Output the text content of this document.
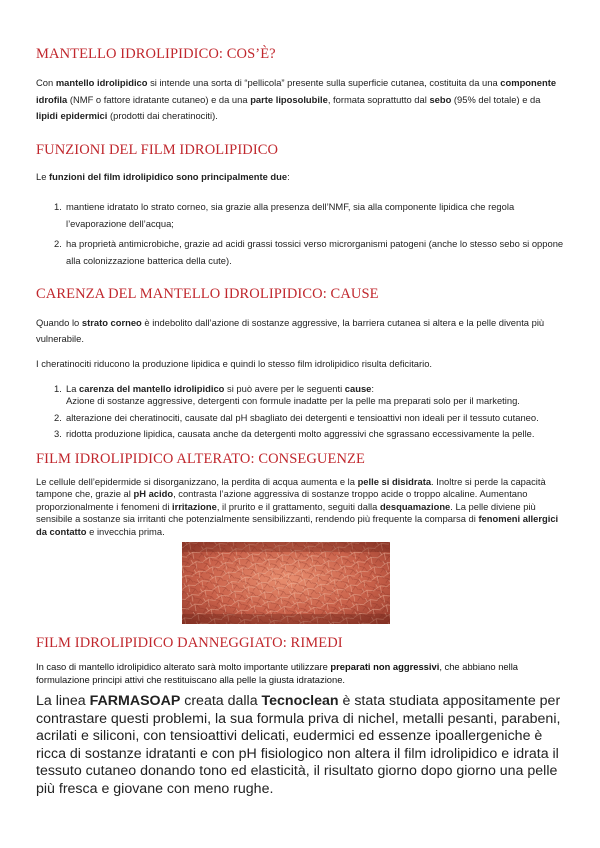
MANTELLO IDROLIPIDICO: COS’È?

Con mantello idrolipidico si intende una sorta di “pellicola” presente sulla superficie cutanea, costituita da una componente idrofila (NMF o fattore idratante cutaneo) e da una parte liposolubile, formata soprattutto dal sebo (95% del totale) e da lipidi epidermici (prodotti dai cheratinociti).

FUNZIONI DEL FILM IDROLIPIDICO

Le funzioni del film idrolipidico sono principalmente due:

1. mantiene idratato lo strato corneo, sia grazie alla presenza dell’NMF, sia alla componente lipidica che regola l’evaporazione dell’acqua;
2. ha proprietà antimicrobiche, grazie ad acidi grassi tossici verso microrganismi patogeni (anche lo stesso sebo si oppone alla colonizzazione batterica della cute).
CARENZA DEL MANTELLO IDROLIPIDICO: CAUSE

Quando lo strato corneo è indebolito dall’azione di sostanze aggressive, la barriera cutanea si altera e la pelle diventa più vulnerabile.

I cheratinociti riducono la produzione lipidica e quindi lo stesso film idrolipidico risulta deficitario.

1. La carenza del mantello idrolipidico si può avere per le seguenti cause:
Azione di sostanze aggressive, detergenti con formule inadatte per la pelle ma preparati solo per il marketing.
2. alterazione dei cheratinociti, causate dal pH sbagliato dei detergenti e tensioattivi non ideali per il tessuto cutaneo.
3. ridotta produzione lipidica, causata anche da detergenti molto aggressivi che sgrassano eccessivamente la pelle.
FILM IDROLIPIDICO ALTERATO: CONSEGUENZE

Le cellule dell’epidermide si disorganizzano, la perdita di acqua aumenta e la pelle si disidrata. Inoltre si perde la capacità tampone che, grazie al pH acido, contrasta l’azione aggressiva di sostanze troppo acide o troppo alcaline. Aumentano proporzionalmente i fenomeni di irritazione, il prurito e il grattamento, seguiti dalla desquamazione. La pelle diviene più sensibile a sostanze sia irritanti che potenzialmente sensibilizzanti, rendendo più frequente la comparsa di fenomeni allergici da contatto e invecchia prima.

FILM IDROLIPIDICO DANNEGGIATO: RIMEDI

In caso di mantello idrolipidico alterato sarà molto importante utilizzare preparati non aggressivi, che abbiano nella formulazione principi attivi che restituiscano alla pelle la giusta idratazione.

La linea FARMASOAP creata dalla Tecnoclean è stata studiata appositamente per contrastare questi problemi, la sua formula priva di nichel, metalli pesanti, parabeni, acrilati e siliconi, con tensioattivi delicati, eudermici ed essenze ipoallergeniche è ricca di sostanze idratanti e con pH fisiologico non altera il film idrolipidico e idrata il tessuto cutaneo donando tono ed elasticità, il risultato giorno dopo giorno una pelle più fresca e giovane con meno rughe.
